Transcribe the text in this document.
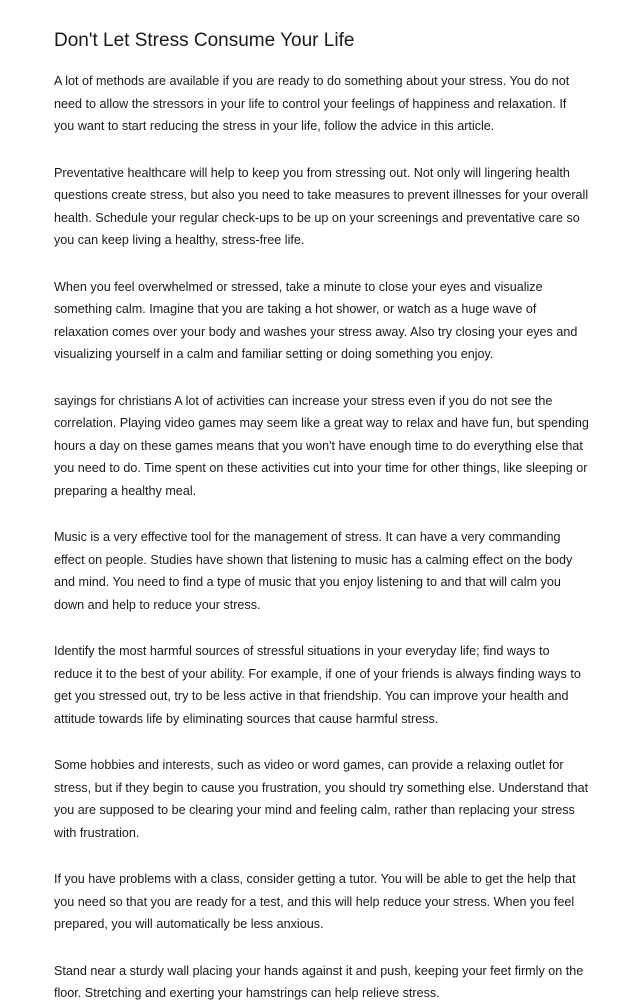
Don't Let Stress Consume Your Life

A lot of methods are available if you are ready to do something about your stress. You do not need to allow the stressors in your life to control your feelings of happiness and relaxation. If you want to start reducing the stress in your life, follow the advice in this article.

Preventative healthcare will help to keep you from stressing out. Not only will lingering health questions create stress, but also you need to take measures to prevent illnesses for your overall health. Schedule your regular check-ups to be up on your screenings and preventative care so you can keep living a healthy, stress-free life.

When you feel overwhelmed or stressed, take a minute to close your eyes and visualize something calm. Imagine that you are taking a hot shower, or watch as a huge wave of relaxation comes over your body and washes your stress away. Also try closing your eyes and visualizing yourself in a calm and familiar setting or doing something you enjoy.

sayings for christians A lot of activities can increase your stress even if you do not see the correlation. Playing video games may seem like a great way to relax and have fun, but spending hours a day on these games means that you won't have enough time to do everything else that you need to do. Time spent on these activities cut into your time for other things, like sleeping or preparing a healthy meal.

Music is a very effective tool for the management of stress. It can have a very commanding effect on people. Studies have shown that listening to music has a calming effect on the body and mind. You need to find a type of music that you enjoy listening to and that will calm you down and help to reduce your stress.

Identify the most harmful sources of stressful situations in your everyday life; find ways to reduce it to the best of your ability. For example, if one of your friends is always finding ways to get you stressed out, try to be less active in that friendship. You can improve your health and attitude towards life by eliminating sources that cause harmful stress.

Some hobbies and interests, such as video or word games, can provide a relaxing outlet for stress, but if they begin to cause you frustration, you should try something else. Understand that you are supposed to be clearing your mind and feeling calm, rather than replacing your stress with frustration.

If you have problems with a class, consider getting a tutor. You will be able to get the help that you need so that you are ready for a test, and this will help reduce your stress. When you feel prepared, you will automatically be less anxious.

Stand near a sturdy wall placing your hands against it and push, keeping your feet firmly on the floor. Stretching and exerting your hamstrings can help relieve stress.
